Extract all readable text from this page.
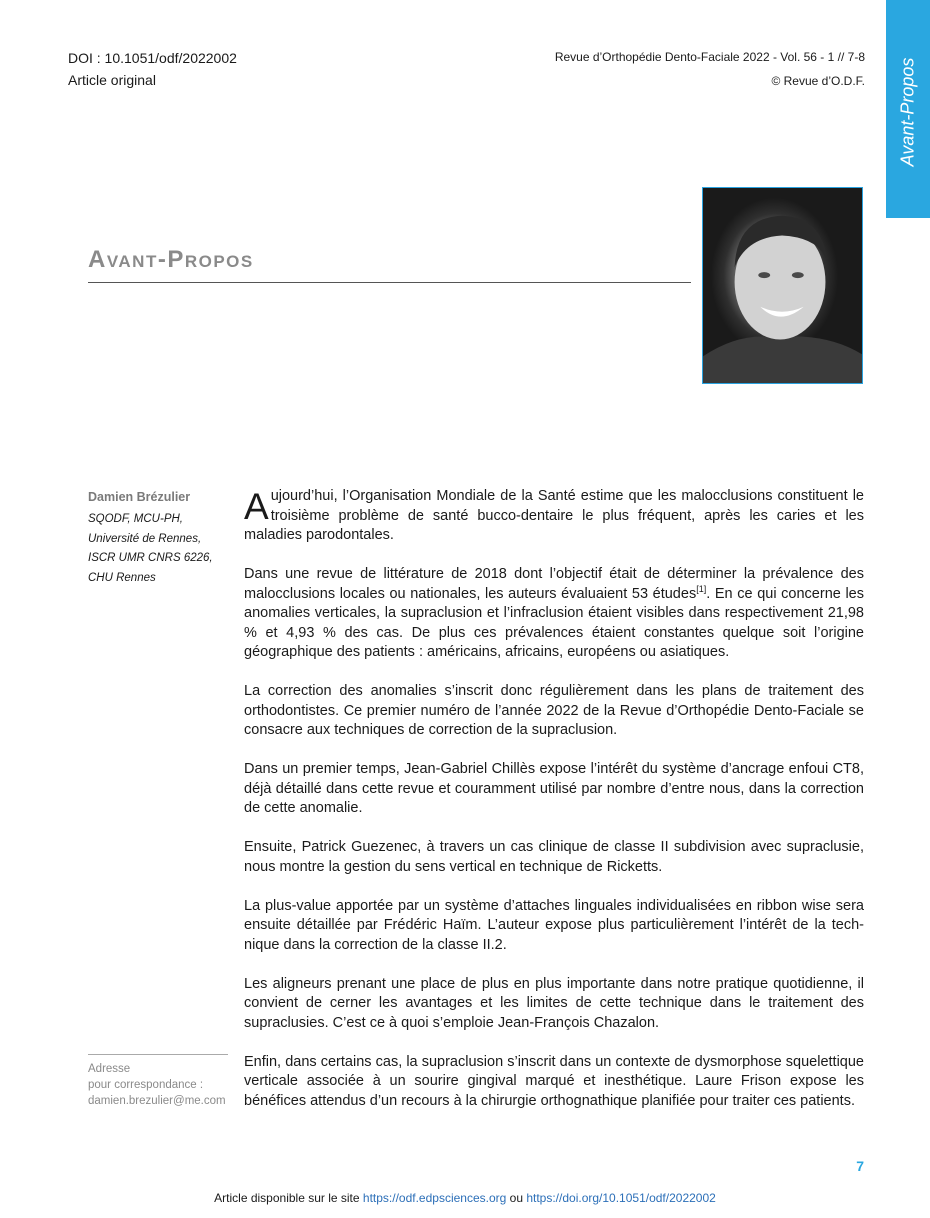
DOI : 10.1051/odf/2022002
Article original
Revue d’Orthopédie Dento-Faciale 2022 - Vol. 56 - 1 // 7-8
© Revue d’O.D.F. Avant-Propos
Avant-Propos
Damien Brézulier
SQODF, MCU-PH,
Université de Rennes,
ISCR UMR CNRS 6226,
CHU Rennes
Adresse
pour correspondance :
damien.brezulier@me.com

Aujourd’hui, l’Organisation Mondiale de la Santé estime que les malocclusions constituent le troisième problème de santé bucco-dentaire le plus fréquent, après les caries et les maladies parodontales.

Dans une revue de littérature de 2018 dont l’objectif était de déterminer la prévalence des malocclusions locales ou nationales, les auteurs évaluaient 53 études[1]. En ce qui concerne les anomalies verticales, la supraclusion et l’infraclusion étaient visibles dans respectivement 21,98 % et 4,93 % des cas. De plus ces prévalences étaient constantes quelque soit l’origine géographique des patients : américains, africains, européens ou asiatiques.

La correction des anomalies s’inscrit donc régulièrement dans les plans de traitement des orthodontistes. Ce premier numéro de l’année 2022 de la Revue d’Orthopédie Dento-Faciale se consacre aux techniques de correction de la supraclusion.

Dans un premier temps, Jean-Gabriel Chillès expose l’intérêt du système d’ancrage enfoui CT8, déjà détaillé dans cette revue et couramment utilisé par nombre d’entre nous, dans la correction de cette anomalie.

Ensuite, Patrick Guezenec, à travers un cas clinique de classe II subdivision avec supraclusie, nous montre la gestion du sens vertical en technique de Ricketts.

La plus-value apportée par un système d’attaches linguales individualisées en ribbon wise sera ensuite détaillée par Frédéric Haïm. L’auteur expose plus particulièrement l’intérêt de la technique dans la correction de la classe II.2.

Les aligneurs prenant une place de plus en plus importante dans notre pratique quotidienne, il convient de cerner les avantages et les limites de cette technique dans le traitement des supraclusies. C’est ce à quoi s’emploie Jean-François Chazalon.

Enfin, dans certains cas, la supraclusion s’inscrit dans un contexte de dysmorphose squelettique verticale associée à un sourire gingival marqué et inesthétique. Laure Frison expose les bénéfices attendus d’un recours à la chirurgie orthognathique planifiée pour traiter ces patients.

7
Article disponible sur le site https://odf.edpsciences.org ou https://doi.org/10.1051/odf/2022002
